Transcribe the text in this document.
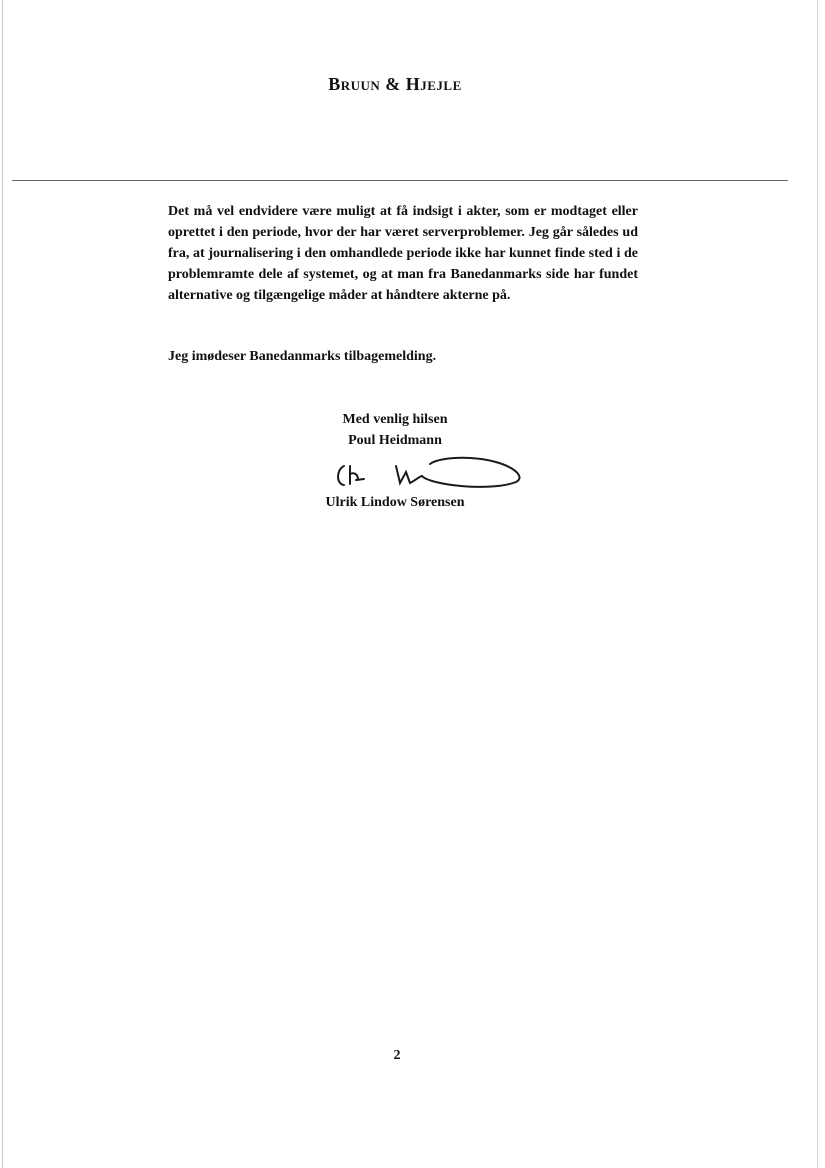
Bruun & Hjejle

Det må vel endvidere være muligt at få indsigt i akter, som er modtaget eller oprettet i den periode, hvor der har været serverproblemer. Jeg går således ud fra, at journalisering i den omhandlede periode ikke har kunnet finde sted i de problemramte dele af systemet, og at man fra Banedanmarks side har fundet alternative og tilgængelige måder at håndtere akterne på.

Jeg imødeser Banedanmarks tilbagemelding.

Med venlig hilsen
Poul Heidmann
Ulrik Lindow Sørensen
2
